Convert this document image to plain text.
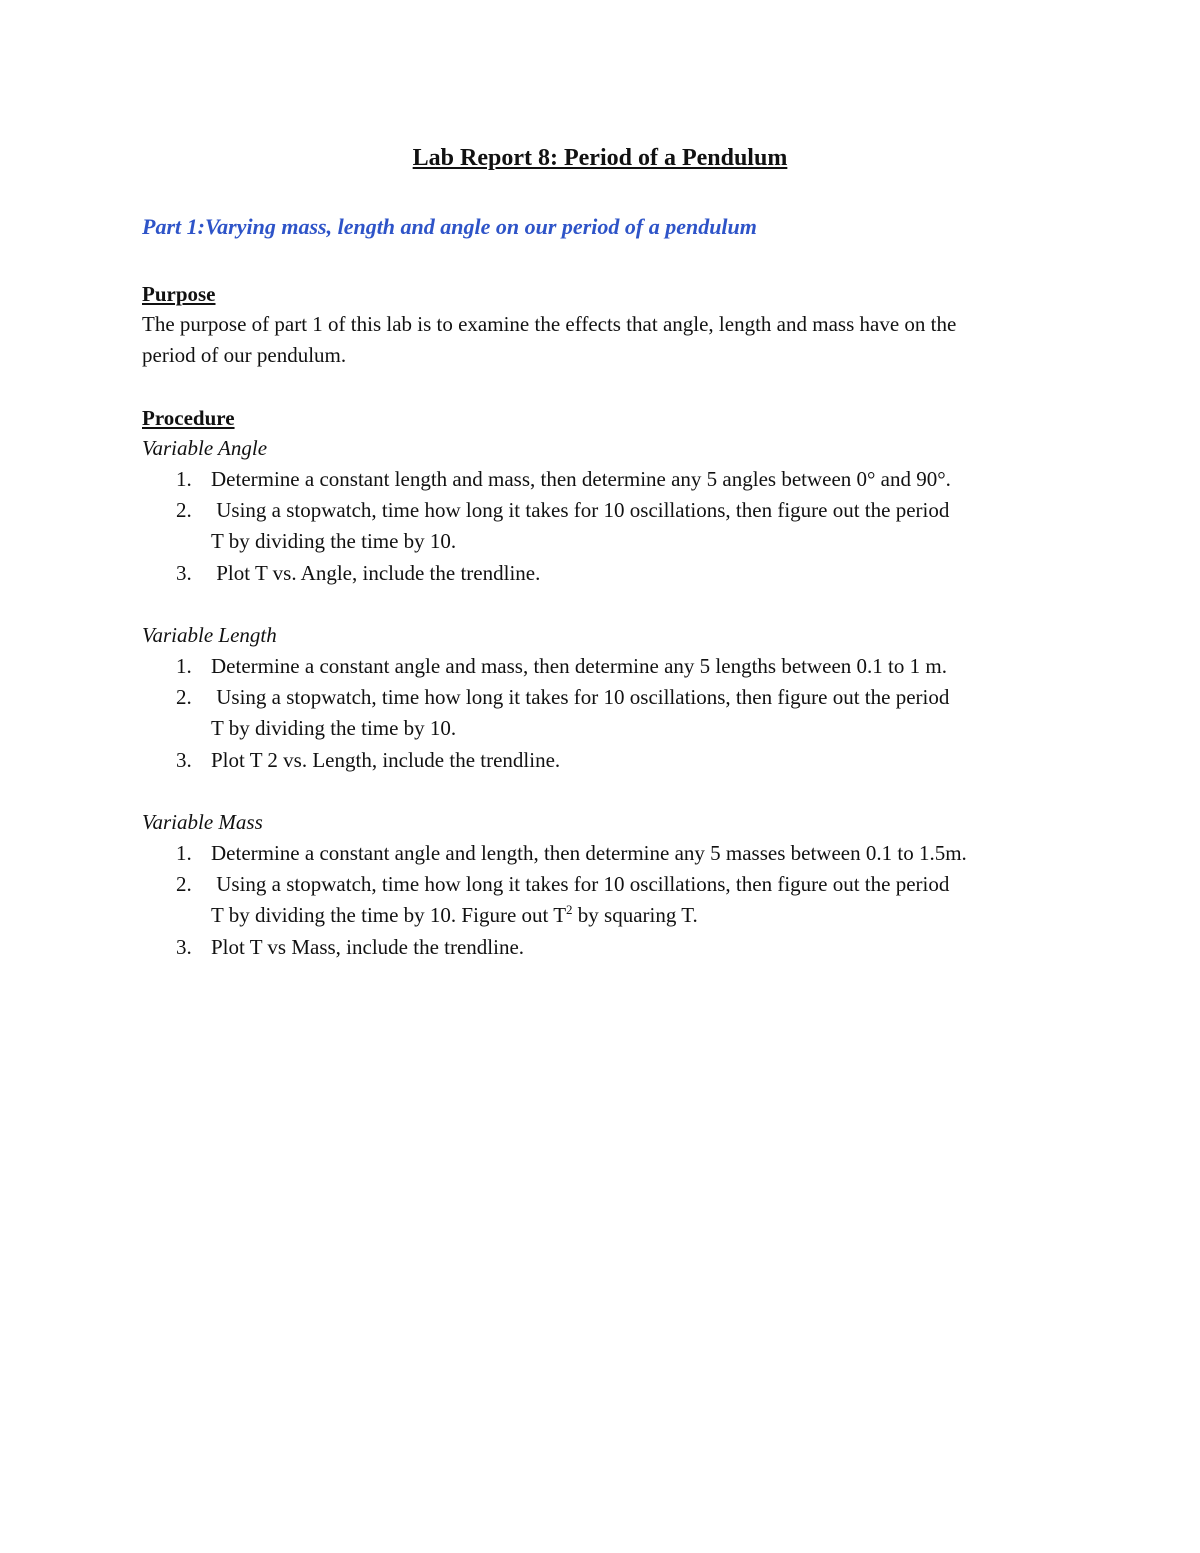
Lab Report 8: Period of a Pendulum
Part 1:Varying mass, length and angle on our period of a pendulum
Purpose
The purpose of part 1 of this lab is to examine the effects that angle, length and mass have on the
period of our pendulum.
Procedure
Variable Angle
1. Determine a constant length and mass, then determine any 5 angles between 0° and 90°.
2. Using a stopwatch, time how long it takes for 10 oscillations, then figure out the period
T by dividing the time by 10.
3. Plot T vs. Angle, include the trendline.
Variable Length
1. Determine a constant angle and mass, then determine any 5 lengths between 0.1 to 1 m.
2. Using a stopwatch, time how long it takes for 10 oscillations, then figure out the period
T by dividing the time by 10.
3. Plot T 2 vs. Length, include the trendline.
Variable Mass
1. Determine a constant angle and length, then determine any 5 masses between 0.1 to 1.5m.
2. Using a stopwatch, time how long it takes for 10 oscillations, then figure out the period
T by dividing the time by 10. Figure out $T^2$ by squaring T.
3. Plot T vs Mass, include the trendline.
